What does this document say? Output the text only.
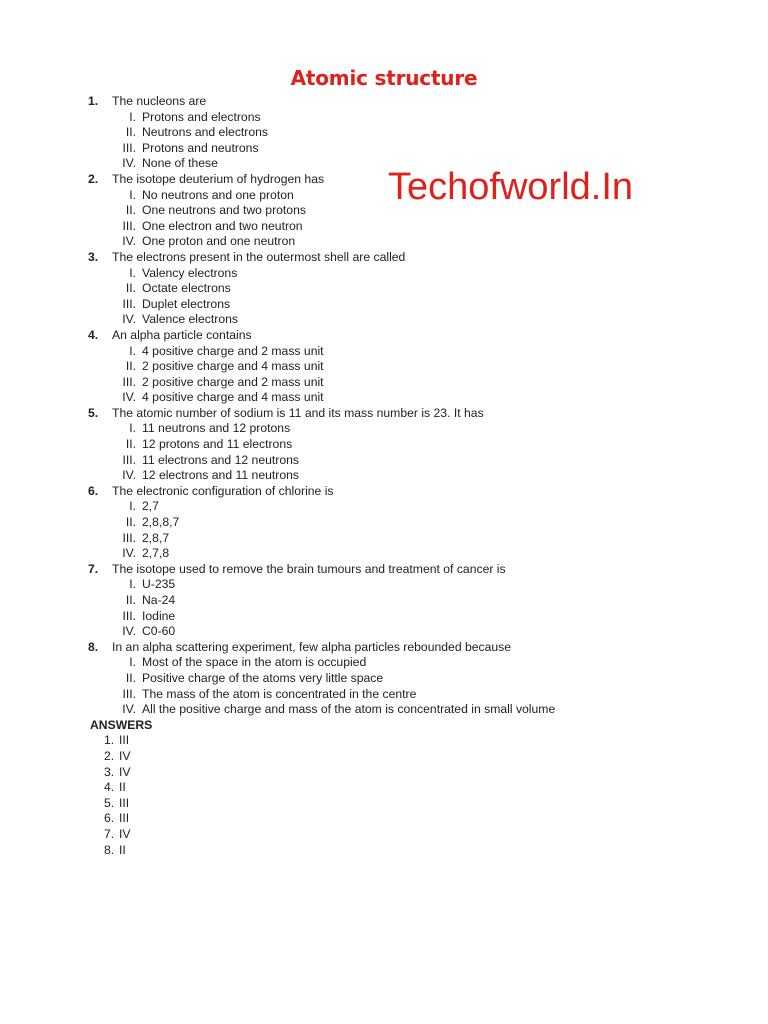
Atomic structure
Techofworld.In
1. The nucleons are
I. Protons and electrons
II. Neutrons and electrons
III. Protons and neutrons
IV. None of these
2. The isotope deuterium of hydrogen has
I. No neutrons and one proton
II. One neutrons and two protons
III. One electron and two neutron
IV. One proton and one neutron
3. The electrons present in the outermost shell are called
I. Valency electrons
II. Octate electrons
III. Duplet electrons
IV. Valence electrons
4. An alpha particle contains
I. 4 positive charge and 2 mass unit
II. 2 positive charge and 4 mass unit
III. 2 positive charge and 2 mass unit
IV. 4 positive charge and 4 mass unit
5. The atomic number of sodium is 11 and its mass number is 23. It has
I. 11 neutrons and 12 protons
II. 12 protons and 11 electrons
III. 11 electrons and 12 neutrons
IV. 12 electrons and 11 neutrons
6. The electronic configuration of chlorine is
I. 2,7
II. 2,8,8,7
III. 2,8,7
IV. 2,7,8
7. The isotope used to remove the brain tumours and treatment of cancer is
I. U-235
II. Na-24
III. Iodine
IV. C0-60
8. In an alpha scattering experiment, few alpha particles rebounded because
I. Most of the space in the atom is occupied
II. Positive charge of the atoms very little space
III. The mass of the atom is concentrated in the centre
IV. All the positive charge and mass of the atom is concentrated in small volume
ANSWERS
1. III
2. IV
3. IV
4. II
5. III
6. III
7. IV
8. II
